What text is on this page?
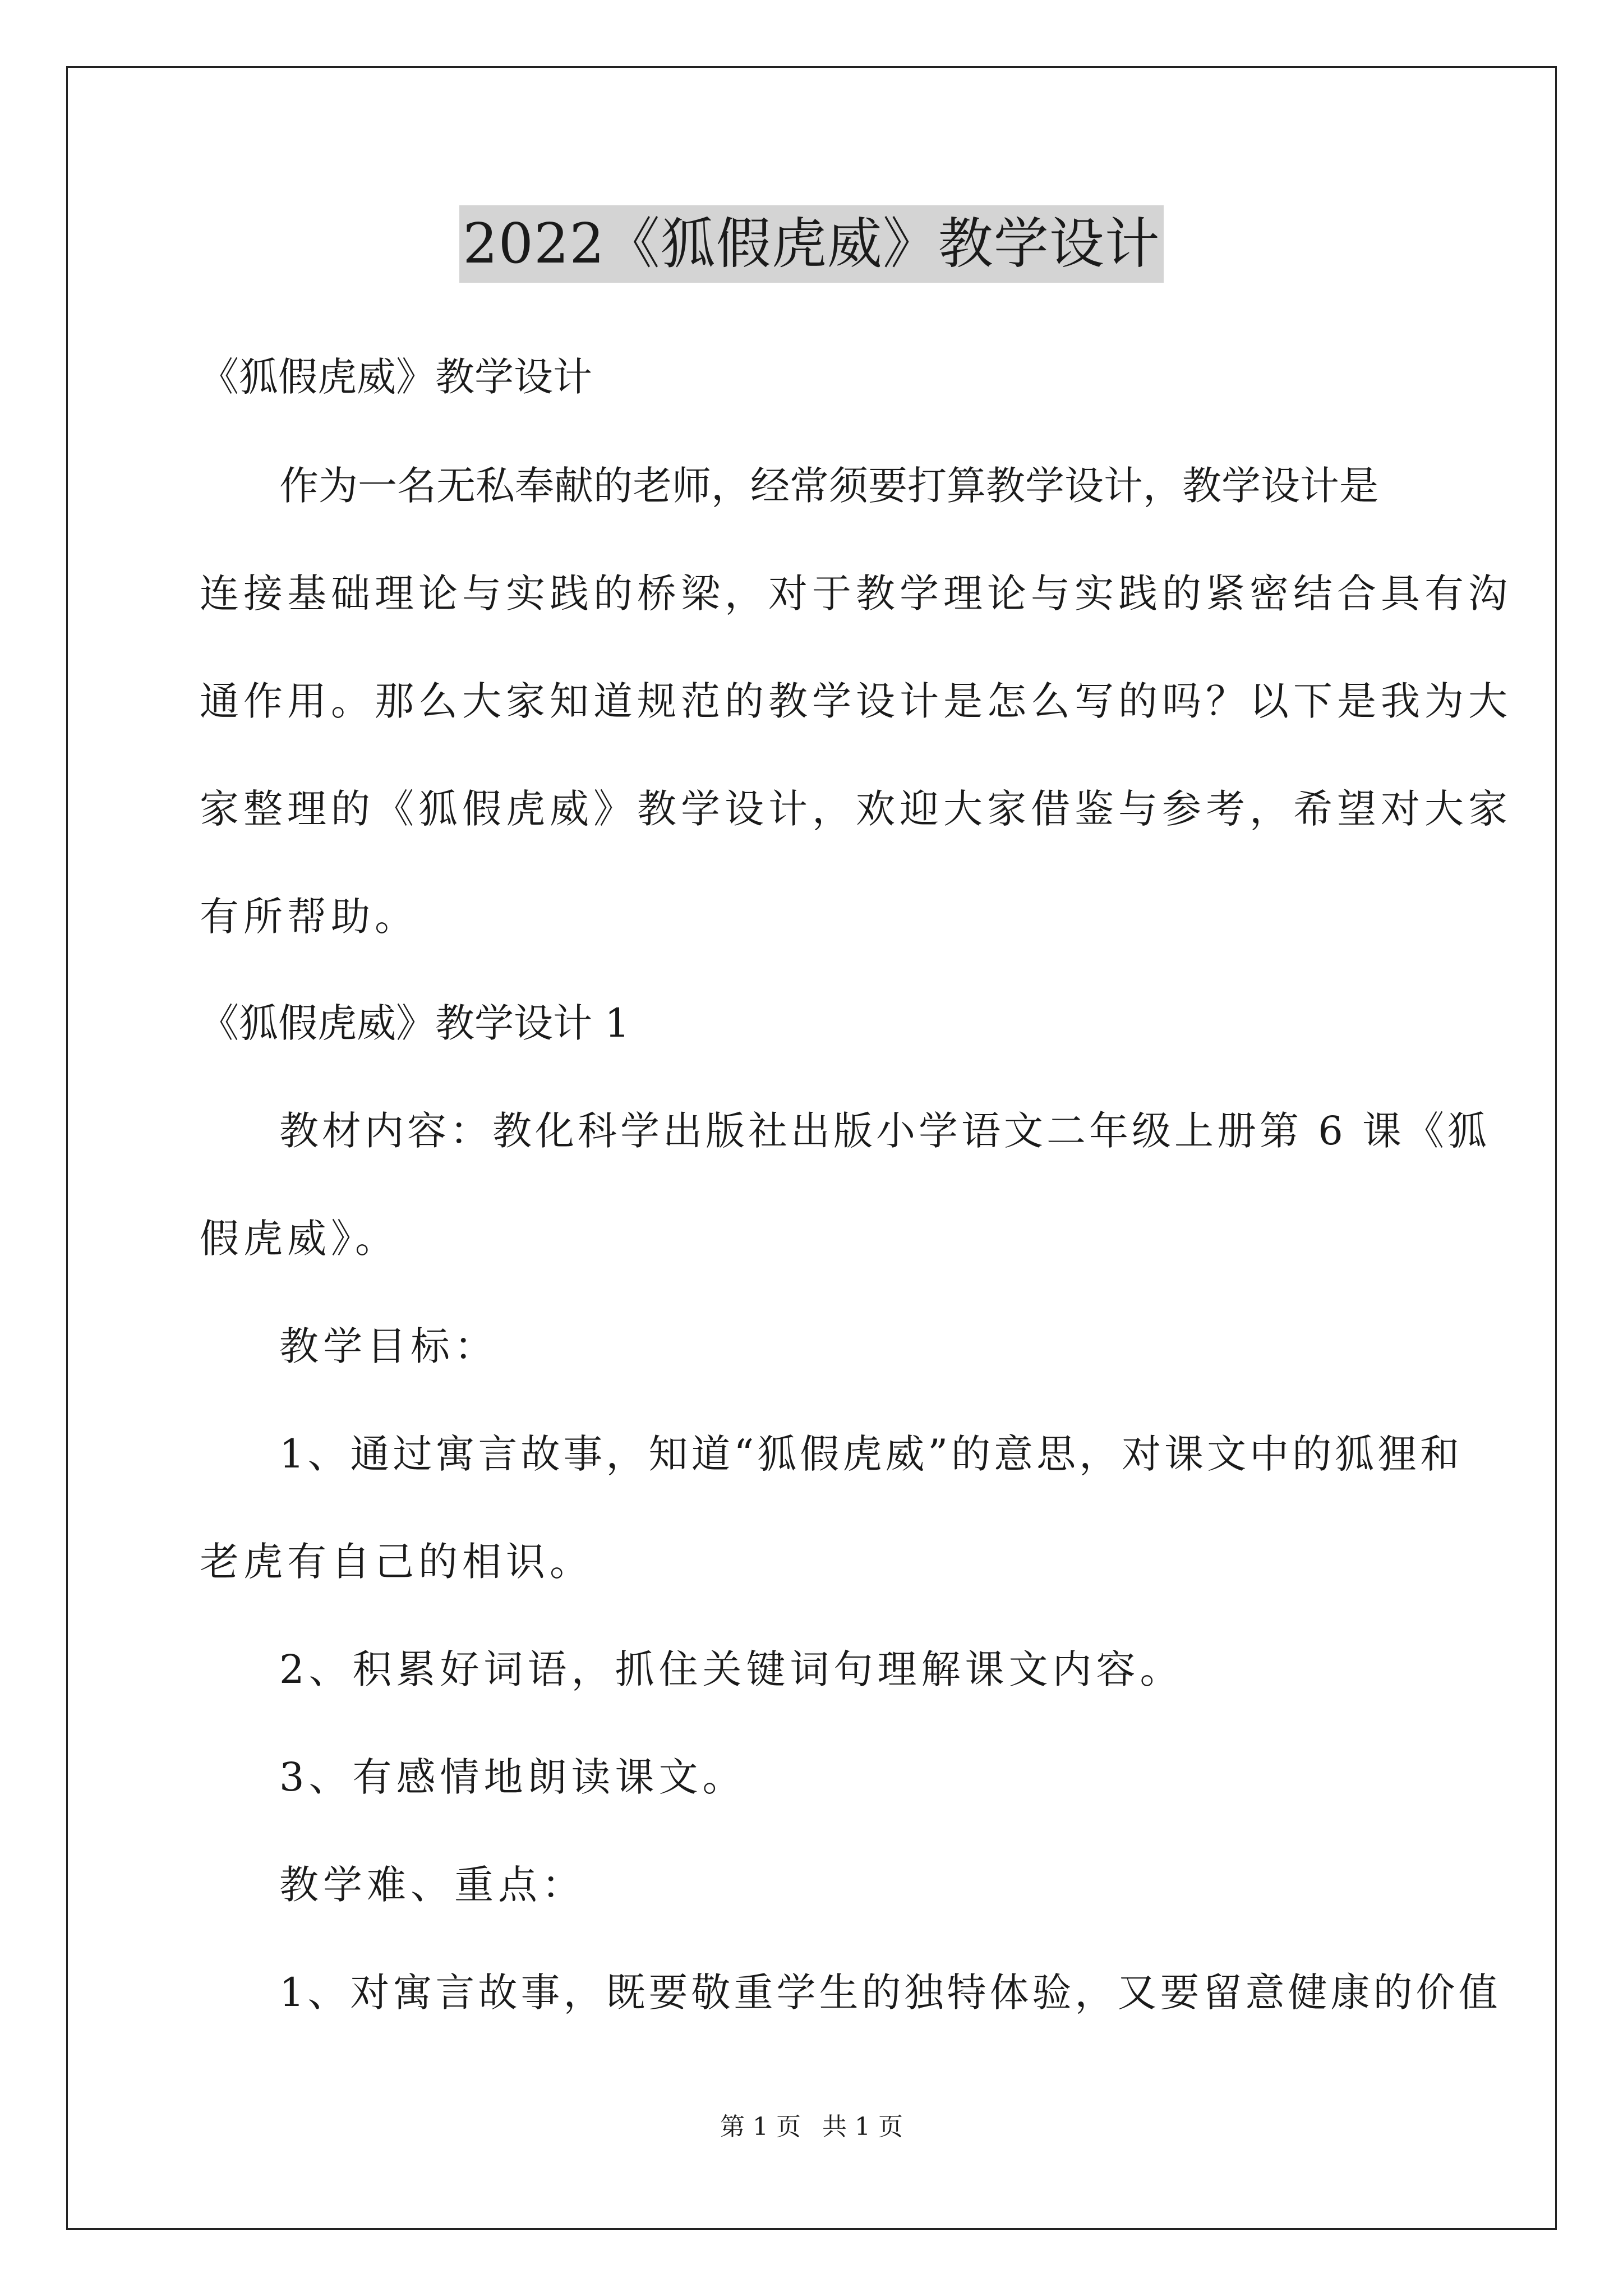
2022《狐假虎威》教学设计
《狐假虎威》教学设计
作为一名无私奉献的老师，经常须要打算教学设计，教学设计是
连接基础理论与实践的桥梁，对于教学理论与实践的紧密结合具有沟
通作用。那么大家知道规范的教学设计是怎么写的吗？以下是我为大
家整理的《狐假虎威》教学设计，欢迎大家借鉴与参考，希望对大家
有所帮助。
《狐假虎威》教学设计 1
教材内容：教化科学出版社出版小学语文二年级上册第 6 课《狐
假虎威》。
教学目标：
1、通过寓言故事，知道“狐假虎威”的意思，对课文中的狐狸和
老虎有自己的相识。
2、积累好词语，抓住关键词句理解课文内容。
3、有感情地朗读课文。
教学难、重点：
1、对寓言故事，既要敬重学生的独特体验，又要留意健康的价值
第 1 页 共 1 页
